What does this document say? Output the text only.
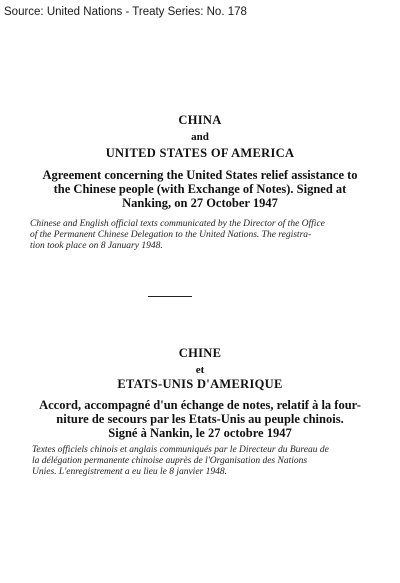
Source: United Nations - Treaty Series: No. 178
CHINA
and
UNITED STATES OF AMERICA
Agreement concerning the United States relief assistance to
the Chinese people (with Exchange of Notes). Signed at
Nanking, on 27 October 1947
Chinese and English official texts communicated by the Director of the Office
of the Permanent Chinese Delegation to the United Nations. The registra-
tion took place on 8 January 1948.
CHINE
et
ETATS-UNIS D'AMERIQUE
Accord, accompagné d'un échange de notes, relatif à la four-
niture de secours par les Etats-Unis au peuple chinois.
Signé à Nankin, le 27 octobre 1947
Textes officiels chinois et anglais communiqués par le Directeur du Bureau de
la délégation permanente chinoise auprès de l'Organisation des Nations
Unies. L'enregistrement a eu lieu le 8 janvier 1948.
